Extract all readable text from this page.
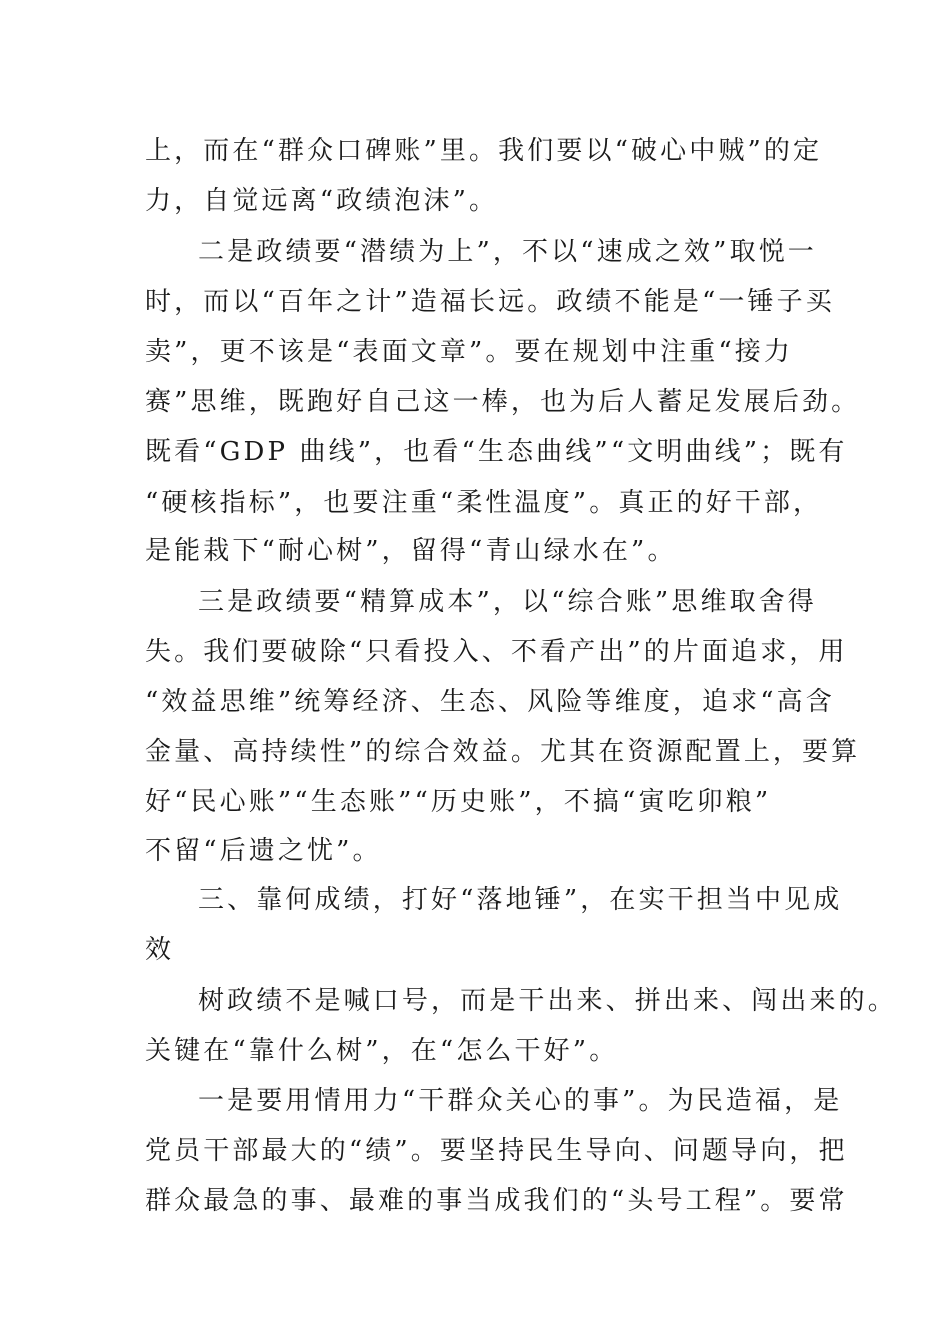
上，而在“群众口碑账”里。我们要以“破心中贼”的定
力，自觉远离“政绩泡沫”。
二是政绩要“潜绩为上”，不以“速成之效”取悦一
时，而以“百年之计”造福长远。政绩不能是“一锤子买
卖”，更不该是“表面文章”。要在规划中注重“接力
赛”思维，既跑好自己这一棒，也为后人蓄足发展后劲。
既看“GDP 曲线”，也看“生态曲线”“文明曲线”；既有
“硬核指标”，也要注重“柔性温度”。真正的好干部，
是能栽下“耐心树”，留得“青山绿水在”。
三是政绩要“精算成本”，以“综合账”思维取舍得
失。我们要破除“只看投入、不看产出”的片面追求，用
“效益思维”统筹经济、生态、风险等维度，追求“高含
金量、高持续性”的综合效益。尤其在资源配置上，要算
好“民心账”“生态账”“历史账”，不搞“寅吃卯粮”
不留“后遗之忧”。
三、靠何成绩，打好“落地锤”，在实干担当中见成
效
树政绩不是喊口号，而是干出来、拼出来、闯出来的。
关键在“靠什么树”，在“怎么干好”。
一是要用情用力“干群众关心的事”。为民造福，是
党员干部最大的“绩”。要坚持民生导向、问题导向，把
群众最急的事、最难的事当成我们的“头号工程”。要常
